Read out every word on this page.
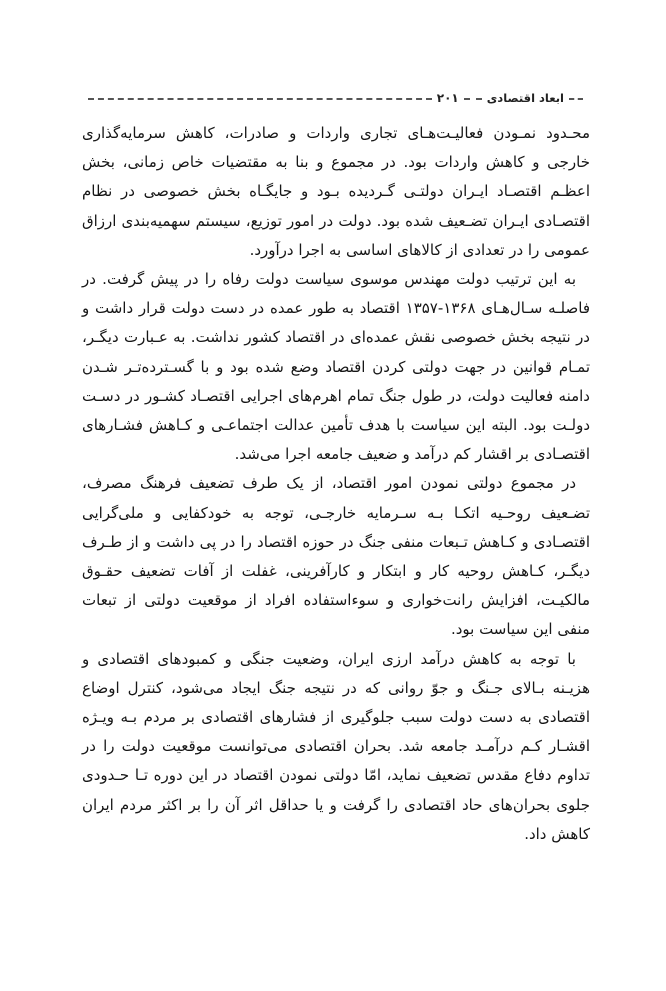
ابعاد اقتصادی
۲۰۱

محـدود نمـودن فعالیـت‌هـای تجاری واردات و صادرات، کاهش سرمایه‌گذاری خارجی و کاهش واردات بود. در مجموع و بنا به مقتضیات خاص زمانی، بخش اعظـم اقتصـاد ایـران دولتـی گـردیده بـود و جایگـاه بخش خصوصی در نظام اقتصـادی ایـران تضـعیف شده بود. دولت در امور توزیع، سیستم سهمیه‌بندی ارزاق عمومی را در تعدادی از کالاهای اساسی به اجرا درآورد.

به این ترتیب دولت مهندس موسوی سیاست دولت رفاه را در پیش گرفت. در فاصلـه سـال‌هـای ۱۳۶۸-۱۳۵۷ اقتصاد به طور عمده در دست دولت قرار داشت و در نتیجه بخش خصوصی نقش عمده‌ای در اقتصاد کشور نداشت. به عـبارت دیگـر، تمـام قوانین در جهت دولتی کردن اقتصاد وضع شده بود و با گسـترده‌تـر شـدن دامنه فعالیت دولت، در طول جنگ تمام اهرم‌های اجرایی اقتصـاد کشـور در دسـت دولـت بود. البته این سیاست با هدف تأمین عدالت اجتماعـی و کـاهش فشـارهای اقتصـادی بر اقشار کم درآمد و ضعیف جامعه اجرا می‌شد.

در مجموع دولتی نمودن امور اقتصاد، از یک طرف تضعیف فرهنگ مصرف، تضـعیف روحـیه اتکـا بـه سـرمایه خارجـی، توجه به خودکفایی و ملی‌گرایی اقتصـادی و کـاهش تـبعات منفی جنگ در حوزه اقتصاد را در پی داشت و از طـرف دیگـر، کـاهش روحیه کار و ابتکار و کارآفرینی، غفلت از آفات تضعیف حقـوق مالکیـت، افزایش رانت‌خواری و سوءاستفاده افراد از موقعیت دولتی از تبعات منفی این سیاست بود.

با توجه به کاهش درآمد ارزی ایران، وضعیت جنگی و کمبودهای اقتصادی و هزیـنه بـالای جـنگ و جوّ روانی که در نتیجه جنگ ایجاد می‌شود، کنترل اوضاع اقتصادی به دست دولت سبب جلوگیری از فشارهای اقتصادی بر مردم بـه ویـژه اقشـار کـم درآمـد جامعه شد. بحران اقتصادی می‌توانست موقعیت دولت را در تداوم دفاع مقدس تضعیف نماید، امّا دولتی نمودن اقتصاد در این دوره تـا حـدودی جلوی بحران‌های حاد اقتصادی را گرفت و یا حداقل اثر آن را بر اکثر مردم ایران کاهش داد.
